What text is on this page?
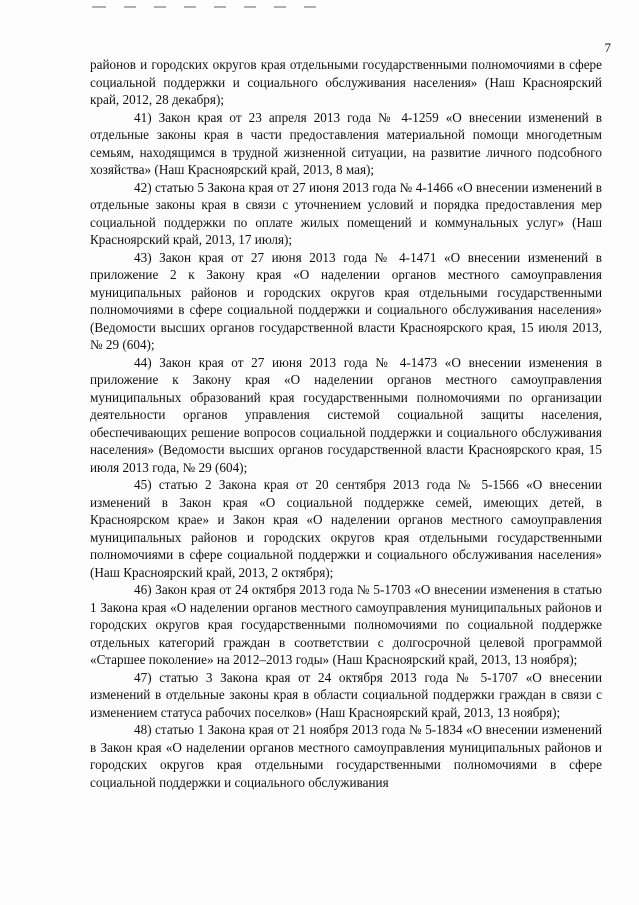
7

районов и городских округов края отдельными государственными полномочиями в сфере социальной поддержки и социального обслуживания населения» (Наш Красноярский край, 2012, 28 декабря);

41) Закон края от 23 апреля 2013 года № 4-1259 «О внесении изменений в отдельные законы края в части предоставления материальной помощи многодетным семьям, находящимся в трудной жизненной ситуации, на развитие личного подсобного хозяйства» (Наш Красноярский край, 2013, 8 мая);

42) статью 5 Закона края от 27 июня 2013 года № 4-1466 «О внесении изменений в отдельные законы края в связи с уточнением условий и порядка предоставления мер социальной поддержки по оплате жилых помещений и коммунальных услуг» (Наш Красноярский край, 2013, 17 июля);

43) Закон края от 27 июня 2013 года № 4-1471 «О внесении изменений в приложение 2 к Закону края «О наделении органов местного самоуправления муниципальных районов и городских округов края отдельными государственными полномочиями в сфере социальной поддержки и социального обслуживания населения» (Ведомости высших органов государственной власти Красноярского края, 15 июля 2013, № 29 (604);

44) Закон края от 27 июня 2013 года № 4-1473 «О внесении изменения в приложение к Закону края «О наделении органов местного самоуправления муниципальных образований края государственными полномочиями по организации деятельности органов управления системой социальной защиты населения, обеспечивающих решение вопросов социальной поддержки и социального обслуживания населения» (Ведомости высших органов государственной власти Красноярского края, 15 июля 2013 года, № 29 (604);

45) статью 2 Закона края от 20 сентября 2013 года № 5-1566 «О внесении изменений в Закон края «О социальной поддержке семей, имеющих детей, в Красноярском крае» и Закон края «О наделении органов местного самоуправления муниципальных районов и городских округов края отдельными государственными полномочиями в сфере социальной поддержки и социального обслуживания населения» (Наш Красноярский край, 2013, 2 октября);

46) Закон края от 24 октября 2013 года № 5-1703 «О внесении изменения в статью 1 Закона края «О наделении органов местного самоуправления муниципальных районов и городских округов края государственными полномочиями по социальной поддержке отдельных категорий граждан в соответствии с долгосрочной целевой программой «Старшее поколение» на 2012–2013 годы» (Наш Красноярский край, 2013, 13 ноября);

47) статью 3 Закона края от 24 октября 2013 года № 5-1707 «О внесении изменений в отдельные законы края в области социальной поддержки граждан в связи с изменением статуса рабочих поселков» (Наш Красноярский край, 2013, 13 ноября);

48) статью 1 Закона края от 21 ноября 2013 года № 5-1834 «О внесении изменений в Закон края «О наделении органов местного самоуправления муниципальных районов и городских округов края отдельными государственными полномочиями в сфере социальной поддержки и социального обслуживания
